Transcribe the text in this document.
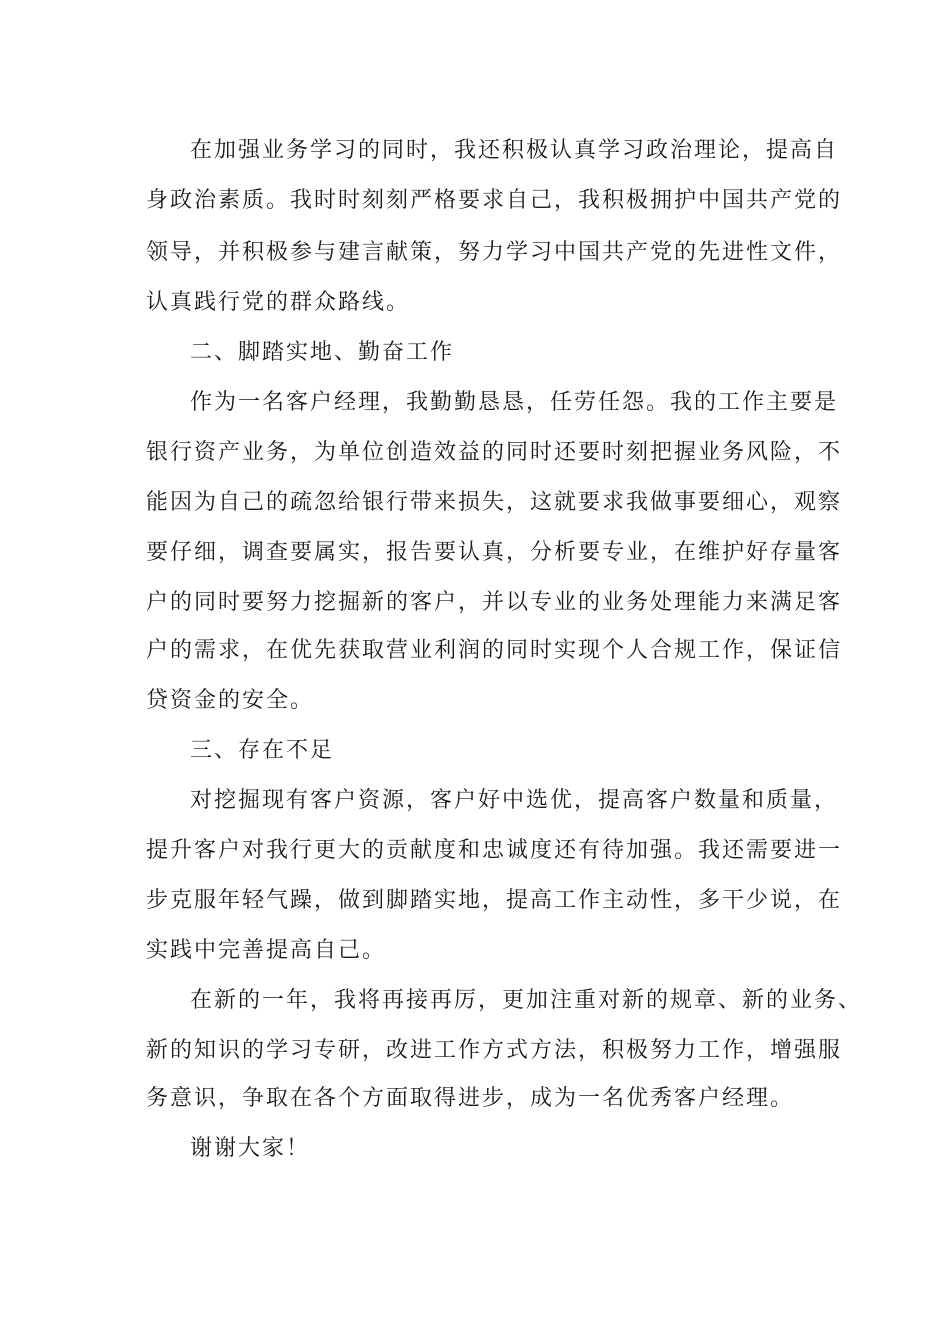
在加强业务学习的同时，我还积极认真学习政治理论，提高自
身政治素质。我时时刻刻严格要求自己，我积极拥护中国共产党的
领导，并积极参与建言献策，努力学习中国共产党的先进性文件，
认真践行党的群众路线。
二、脚踏实地、勤奋工作
作为一名客户经理，我勤勤恳恳，任劳任怨。我的工作主要是
银行资产业务，为单位创造效益的同时还要时刻把握业务风险，不
能因为自己的疏忽给银行带来损失，这就要求我做事要细心，观察
要仔细，调查要属实，报告要认真，分析要专业，在维护好存量客
户的同时要努力挖掘新的客户，并以专业的业务处理能力来满足客
户的需求，在优先获取营业利润的同时实现个人合规工作，保证信
贷资金的安全。
三、存在不足
对挖掘现有客户资源，客户好中选优，提高客户数量和质量，
提升客户对我行更大的贡献度和忠诚度还有待加强。我还需要进一
步克服年轻气躁，做到脚踏实地，提高工作主动性，多干少说，在
实践中完善提高自己。
在新的一年，我将再接再厉，更加注重对新的规章、新的业务、
新的知识的学习专研，改进工作方式方法，积极努力工作，增强服
务意识，争取在各个方面取得进步，成为一名优秀客户经理。
谢谢大家！
